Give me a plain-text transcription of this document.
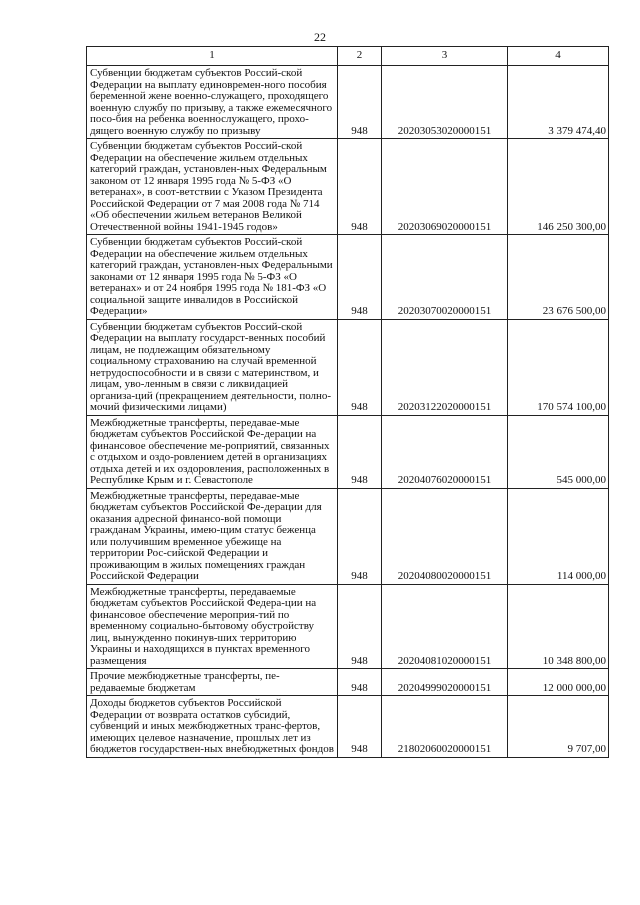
22
1	2	3	4
Субвенции бюджетам субъектов Россий-ской Федерации на выплату единовремен-ного пособия беременной жене военно-служащего, проходящего военную службу по призыву, а также ежемесячного посо-бия на ребенка военнослужащего, прохо-дящего военную службу по призыву	948	20203053020000151	3 379 474,40
Субвенции бюджетам субъектов Россий-ской Федерации на обеспечение жильем отдельных категорий граждан, установлен-ных Федеральным законом от 12 января 1995 года № 5-ФЗ «О ветеранах», в соот-ветствии с Указом Президента Российской Федерации от 7 мая 2008 года № 714 «Об обеспечении жильем ветеранов Великой Отечественной войны 1941-1945 годов»	948	20203069020000151	146 250 300,00
Субвенции бюджетам субъектов Россий-ской Федерации на обеспечение жильем отдельных категорий граждан, установлен-ных Федеральными законами от 12 января 1995 года № 5-ФЗ «О ветеранах» и от 24 ноября 1995 года № 181-ФЗ «О социальной защите инвалидов в Российской Федерации»	948	20203070020000151	23 676 500,00
Субвенции бюджетам субъектов Россий-ской Федерации на выплату государст-венных пособий лицам, не подлежащим обязательному социальному страхованию на случай временной нетрудоспособности и в связи с материнством, и лицам, уво-ленным в связи с ликвидацией организа-ций (прекращением деятельности, полно-мочий физическими лицами)	948	20203122020000151	170 574 100,00
Межбюджетные трансферты, передавае-мые бюджетам субъектов Российской Фе-дерации на финансовое обеспечение ме-роприятий, связанных с отдыхом и оздо-ровлением детей в организациях отдыха детей и их оздоровления, расположенных в Республике Крым и г. Севастополе	948	20204076020000151	545 000,00
Межбюджетные трансферты, передавае-мые бюджетам субъектов Российской Фе-дерации для оказания адресной финансо-вой помощи гражданам Украины, имею-щим статус беженца или получившим временное убежище на территории Рос-сийской Федерации и проживающим в жилых помещениях граждан Российской Федерации	948	20204080020000151	114 000,00
Межбюджетные трансферты, передаваемые бюджетам субъектов Российской Федера-ции на финансовое обеспечение мероприя-тий по временному социально-бытовому обустройству лиц, вынужденно покинув-ших территорию Украины и находящихся в пунктах временного размещения	948	20204081020000151	10 348 800,00
Прочие межбюджетные трансферты, пе-редаваемые бюджетам	948	20204999020000151	12 000 000,00
Доходы бюджетов субъектов Российской Федерации от возврата остатков субсидий, субвенций и иных межбюджетных транс-фертов, имеющих целевое назначение, прошлых лет из бюджетов государствен-ных внебюджетных фондов	948	21802060020000151	9 707,00
